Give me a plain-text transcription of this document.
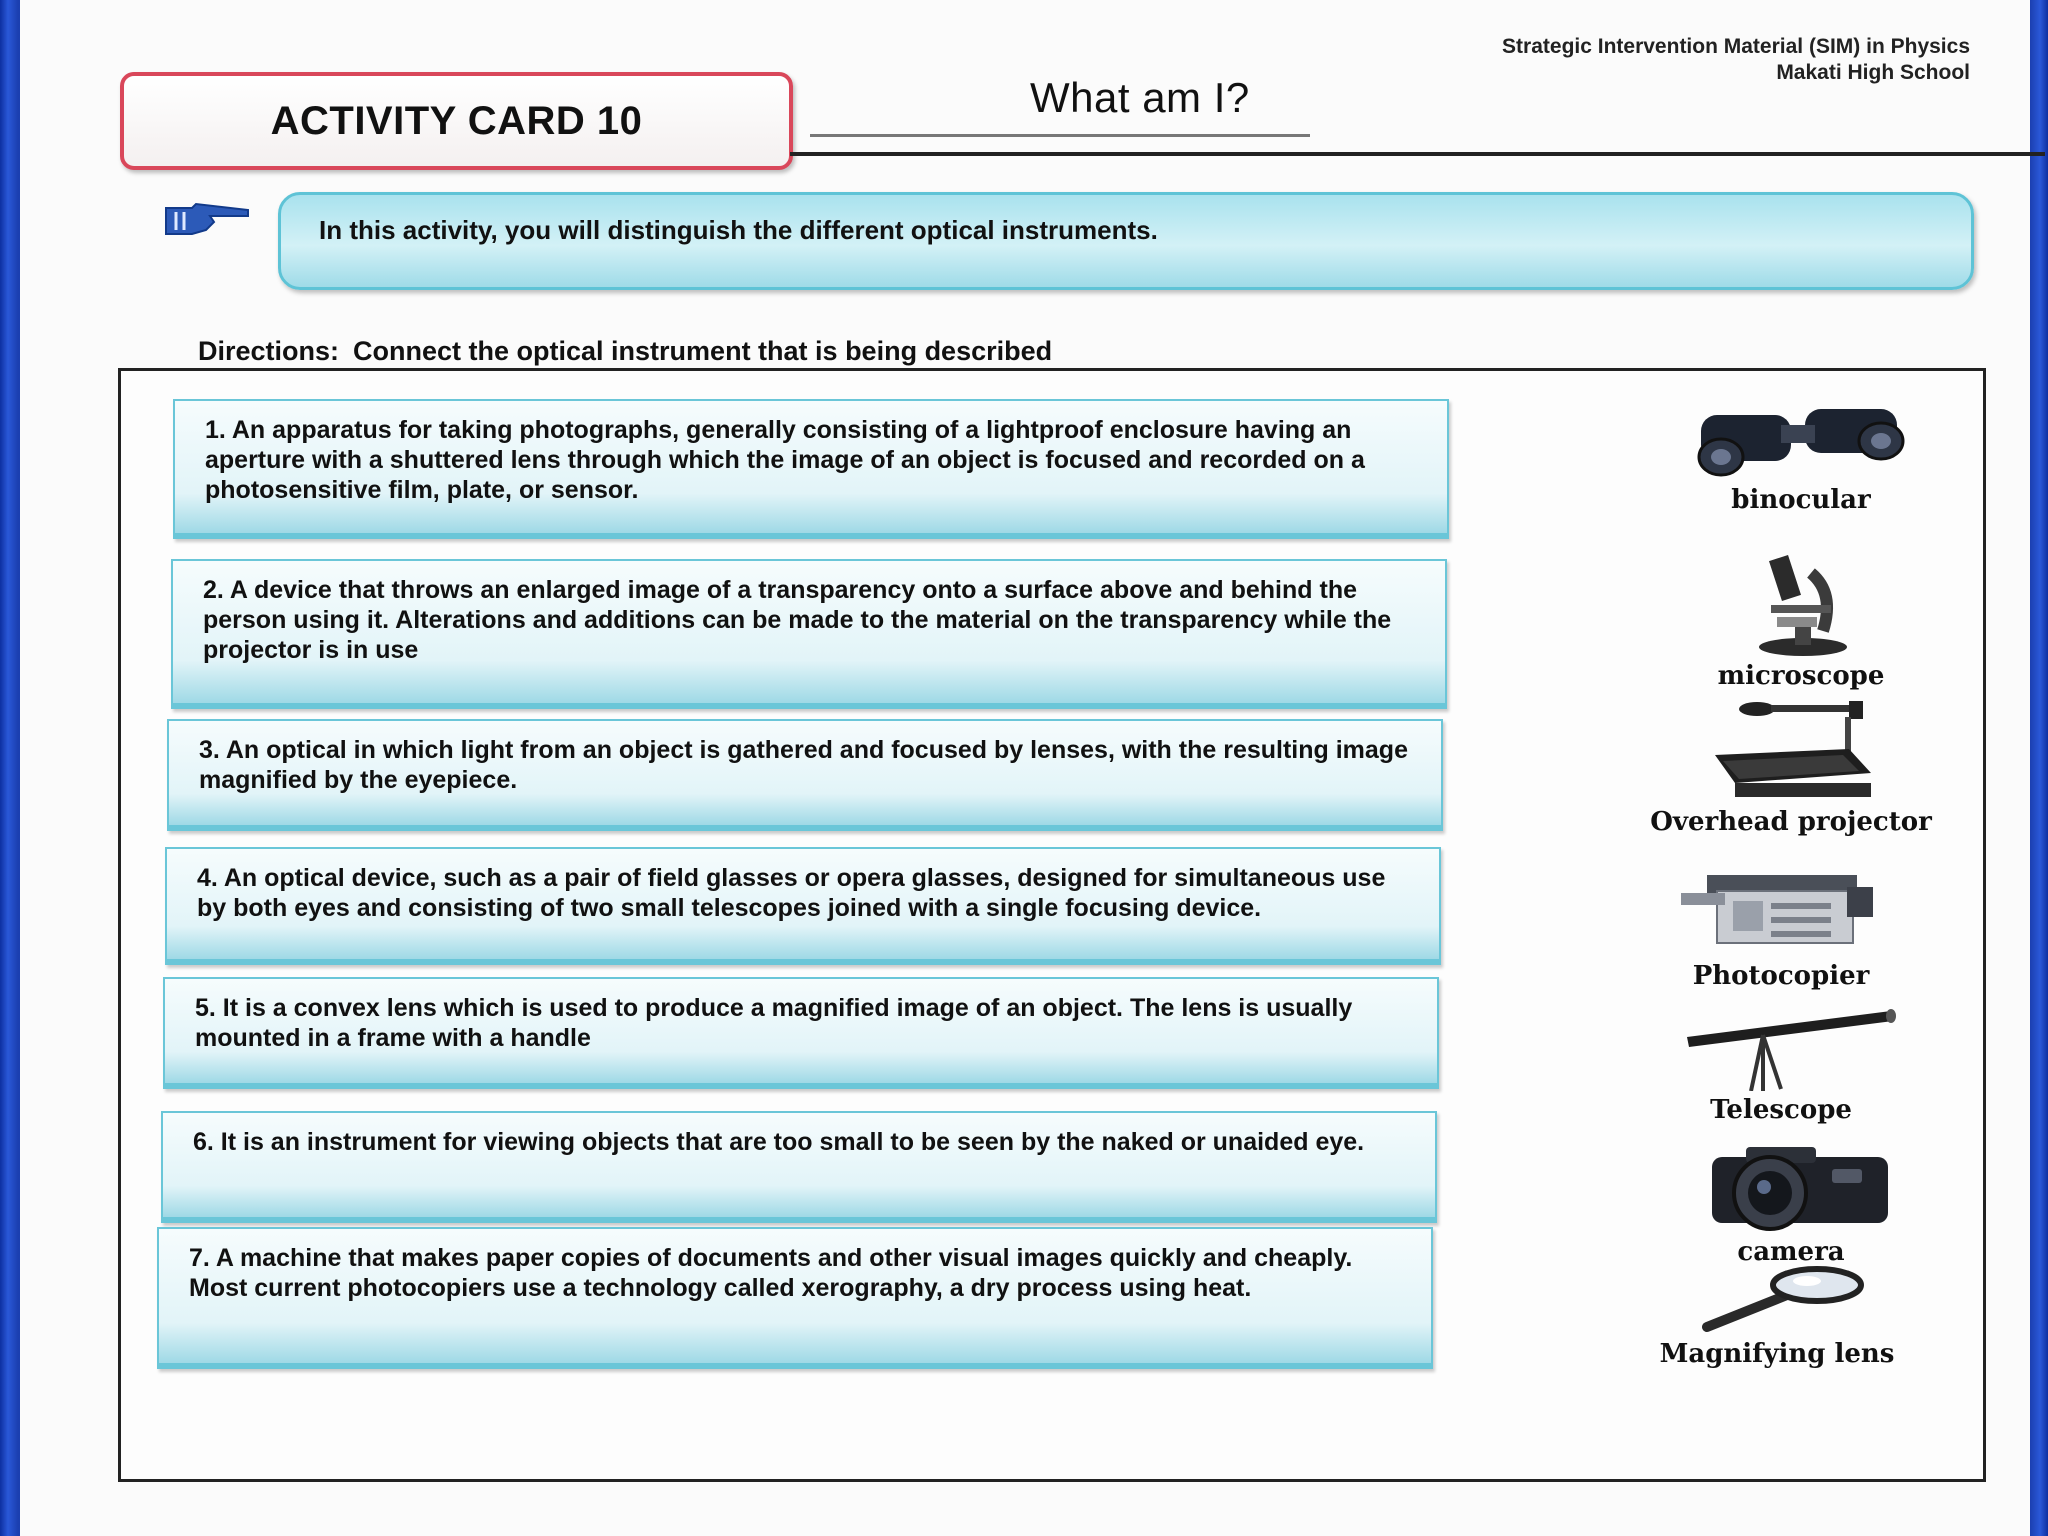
Strategic Intervention Material (SIM) in Physics
Makati High School
ACTIVITY CARD 10	What am I?
In this activity, you will distinguish the different optical instruments.
Directions: Connect the optical instrument that is being described
1. An apparatus for taking photographs, generally consisting of a lightproof enclosure having an aperture with a shuttered lens through which the image of an object is focused and recorded on a photosensitive film, plate, or sensor.
2. A device that throws an enlarged image of a transparency onto a surface above and behind the person using it. Alterations and additions can be made to the material on the transparency while the projector is in use
3. An optical in which light from an object is gathered and focused by lenses, with the resulting image magnified by the eyepiece.
4. An optical device, such as a pair of field glasses or opera glasses, designed for simultaneous use by both eyes and consisting of two small telescopes joined with a single focusing device.
5. It is a convex lens which is used to produce a magnified image of an object. The lens is usually mounted in a frame with a handle
6. It is an instrument for viewing objects that are too small to be seen by the naked or unaided eye.
7. A machine that makes paper copies of documents and other visual images quickly and cheaply. Most current photocopiers use a technology called xerography, a dry process using heat.
binocular
microscope
Overhead projector
Photocopier
Telescope
camera
Magnifying lens
